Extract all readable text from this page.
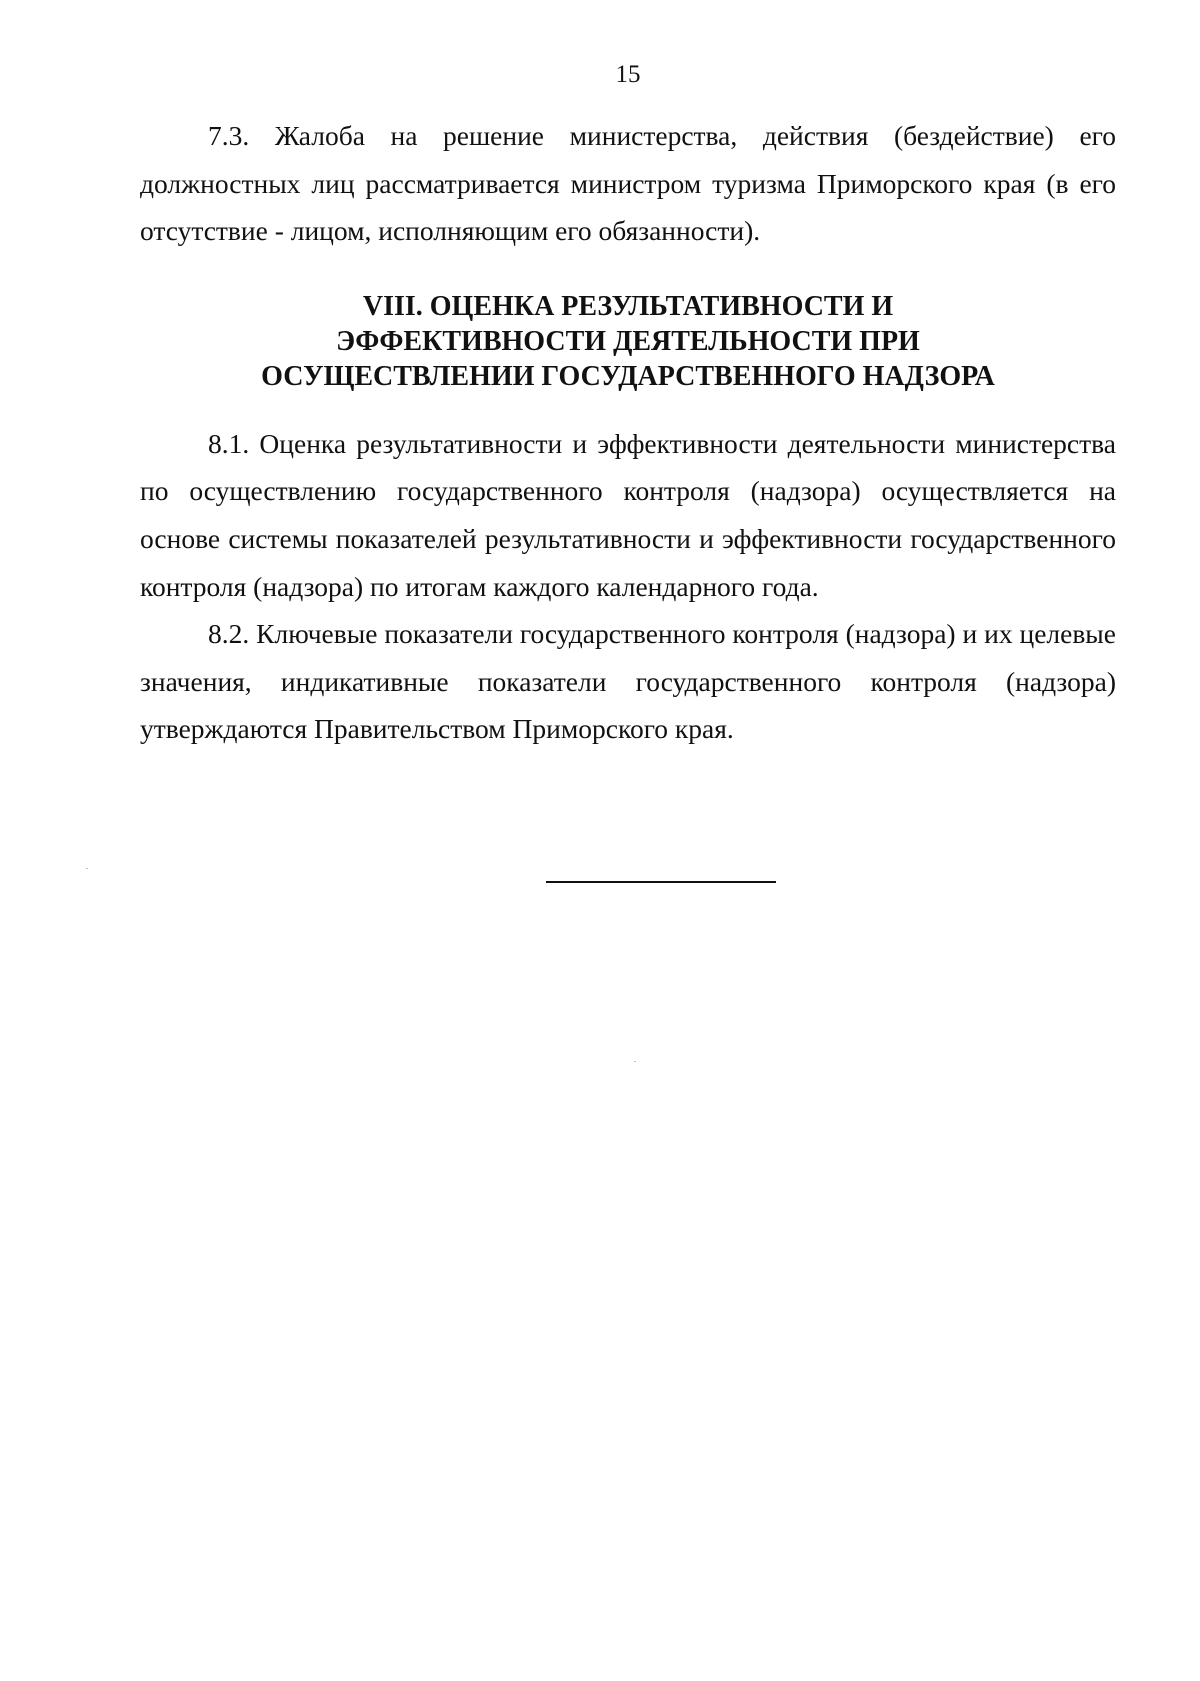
15

7.3. Жалоба на решение министерства, действия (бездействие) его должностных лиц рассматривается министром туризма Приморского края (в его отсутствие - лицом, исполняющим его обязанности).

VIII. ОЦЕНКА РЕЗУЛЬТАТИВНОСТИ И
ЭФФЕКТИВНОСТИ ДЕЯТЕЛЬНОСТИ ПРИ
ОСУЩЕСТВЛЕНИИ ГОСУДАРСТВЕННОГО НАДЗОРА

8.1. Оценка результативности и эффективности деятельности министерства по осуществлению государственного контроля (надзора) осуществляется на основе системы показателей результативности и эффективности государственного контроля (надзора) по итогам каждого календарного года.

8.2. Ключевые показатели государственного контроля (надзора) и их целевые значения, индикативные показатели государственного контроля (надзора) утверждаются Правительством Приморского края.
